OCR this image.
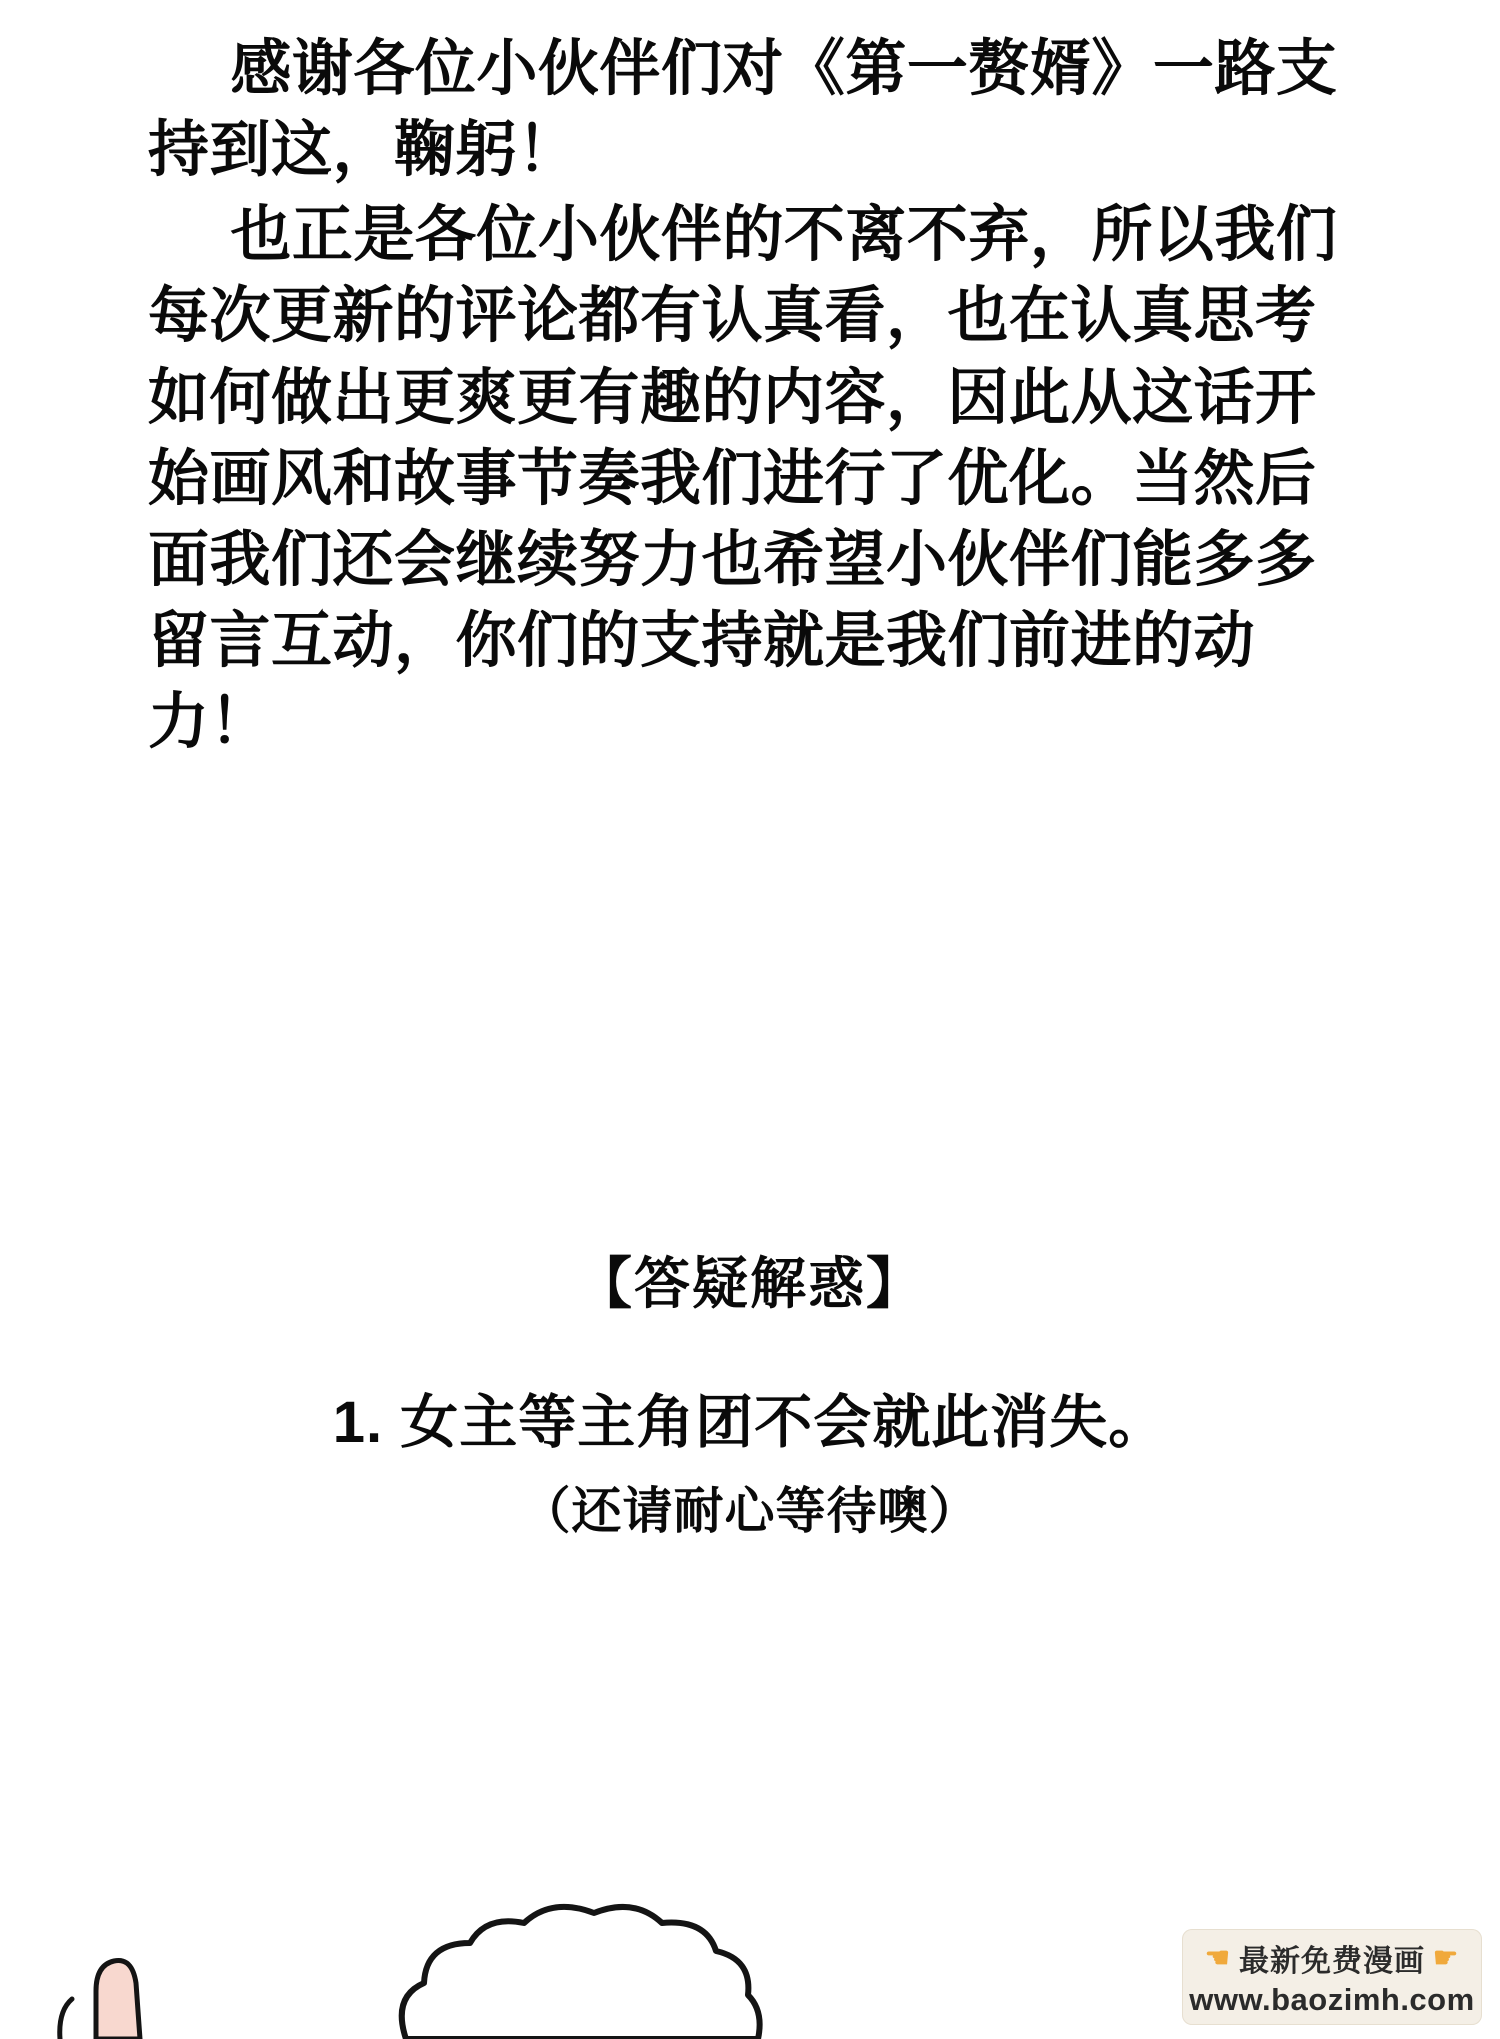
感谢各位小伙伴们对《第一赘婿》一路支持到这，鞠躬！

也正是各位小伙伴的不离不弃，所以我们每次更新的评论都有认真看，也在认真思考如何做出更爽更有趣的内容，因此从这话开始画风和故事节奏我们进行了优化。当然后面我们还会继续努力也希望小伙伴们能多多留言互动，你们的支持就是我们前进的动力！

【答疑解惑】
1. 女主等主角团不会就此消失。
（还请耐心等待噢）
☚ 最新免费漫画 ☛
www.baozimh.com
